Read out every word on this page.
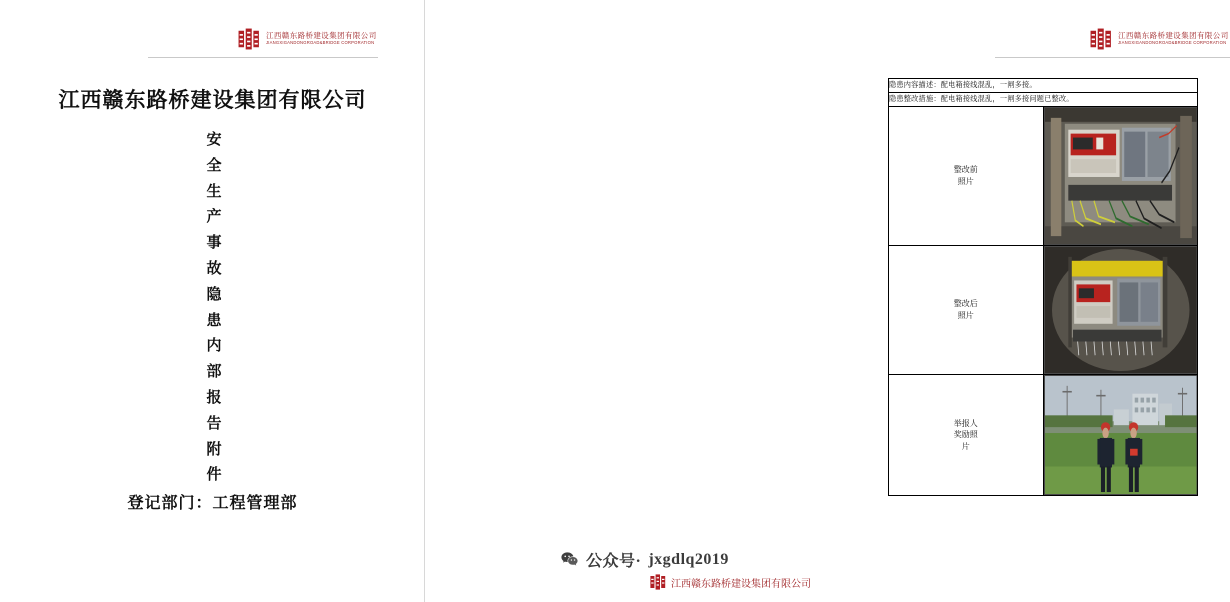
江西赣东路桥建设集团有限公司
JIANGXIGANDONGROAD&BRIDGE CORPORATION
江西赣东路桥建设集团有限公司
安
全
生
产
事
故
隐
患
内
部
报
告
附
件
登记部门：工程管理部
江西赣东路桥建设集团有限公司
JIANGXIGANDONGROAD&BRIDGE CORPORATION
隐患内容描述：配电箱接线混乱，一闸多接。	
隐患整改措施：配电箱接线混乱，一闸多接问题已整改。	

整改前
照片

整改后
照片

举报人
奖励照
片

公众号· jxgdlq2019
江西赣东路桥建设集团有限公司
